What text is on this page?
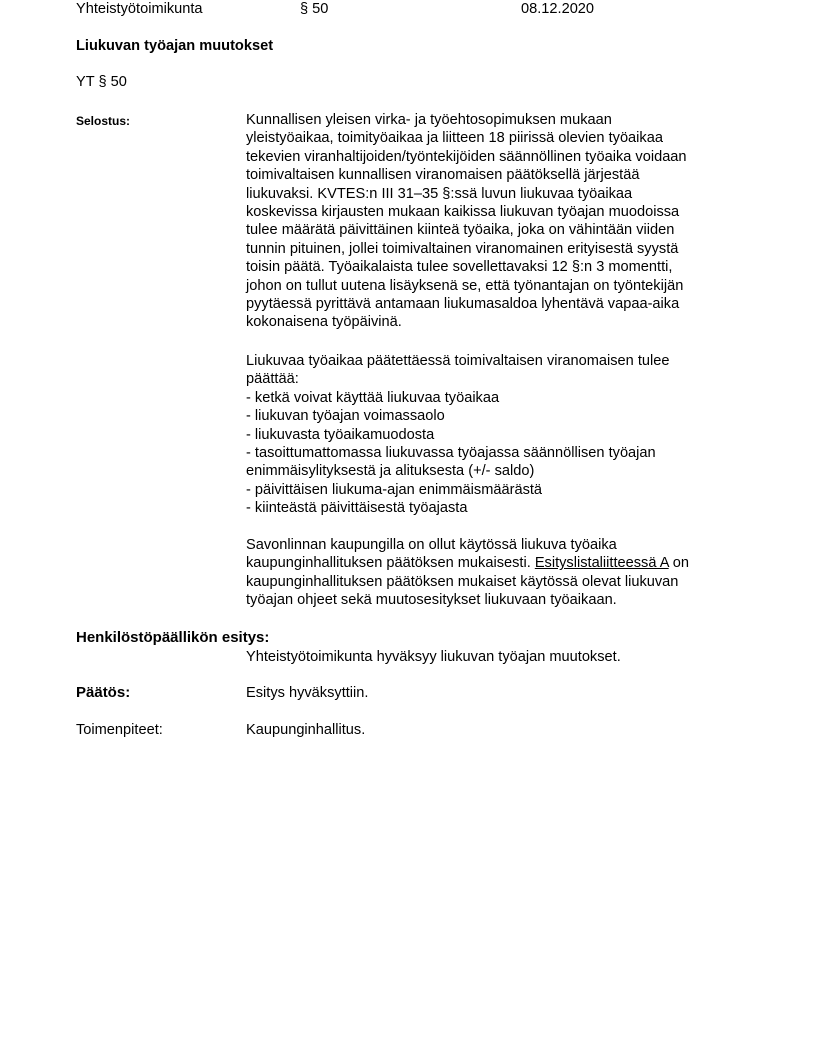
Yhteistyötoimikunta	§ 50	08.12.2020
Liukuvan työajan muutokset
YT § 50
Selostus:	Kunnallisen yleisen virka- ja työehtosopimuksen mukaan

yleistyöaikaa, toimityöaikaa ja liitteen 18 piirissä olevien työaikaa

tekevien viranhaltijoiden/työntekijöiden säännöllinen työaika voidaan

toimivaltaisen kunnallisen viranomaisen päätöksellä järjestää

liukuvaksi. KVTES:n III 31–35 §:ssä luvun liukuvaa työaikaa

koskevissa kirjausten mukaan kaikissa liukuvan työajan muodoissa

tulee määrätä päivittäinen kiinteä työaika, joka on vähintään viiden

tunnin pituinen, jollei toimivaltainen viranomainen erityisestä syystä

toisin päätä. Työaikalaista tulee sovellettavaksi 12 §:n 3 momentti,

johon on tullut uutena lisäyksenä se, että työnantajan on työntekijän

pyytäessä pyrittävä antamaan liukumasaldoa lyhentävä vapaa-aika

kokonaisena työpäivinä.

Liukuvaa työaikaa päätettäessä toimivaltaisen viranomaisen tulee

päättää:

- ketkä voivat käyttää liukuvaa työaikaa

- liukuvan työajan voimassaolo

- liukuvasta työaikamuodosta

- tasoittumattomassa liukuvassa työajassa säännöllisen työajan

enimmäisylityksestä ja alituksesta (+/- saldo)

- päivittäisen liukuma-ajan enimmäismäärästä

- kiinteästä päivittäisestä työajasta

Savonlinnan kaupungilla on ollut käytössä liukuva työaika

kaupunginhallituksen päätöksen mukaisesti. Esityslistaliitteessä A on

kaupunginhallituksen päätöksen mukaiset käytössä olevat liukuvan

työajan ohjeet sekä muutosesitykset liukuvaan työaikaan.

Henkilöstöpäällikön esitys:
Yhteistyötoimikunta hyväksyy liukuvan työajan muutokset.
Päätös:	Esitys hyväksyttiin.
Toimenpiteet:	Kaupunginhallitus.
